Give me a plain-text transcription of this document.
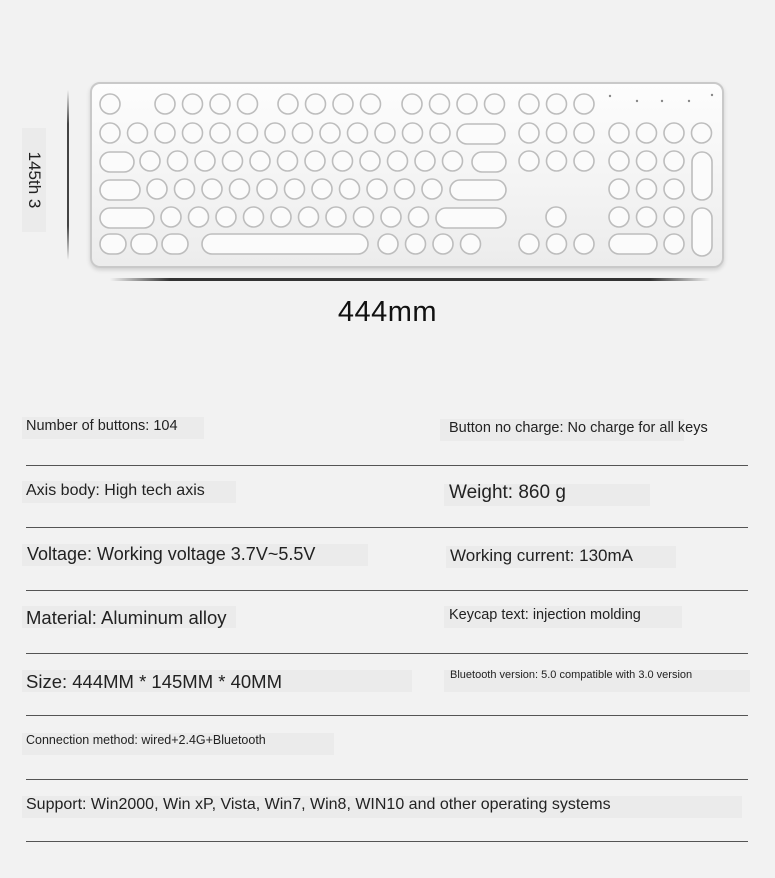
145th 3
444mm
Number of buttons: 104	Button no charge: No charge for all keys
Axis body: High tech axis	Weight: 860 g
Voltage: Working voltage 3.7V~5.5V	Working current: 130mA
Material: Aluminum alloy	Keycap text: injection molding
Size: 444MM * 145MM * 40MM	Bluetooth version: 5.0 compatible with 3.0 version
Connection method: wired+2.4G+Bluetooth
Support: Win2000, Win xP, Vista, Win7, Win8, WIN10 and other operating systems
